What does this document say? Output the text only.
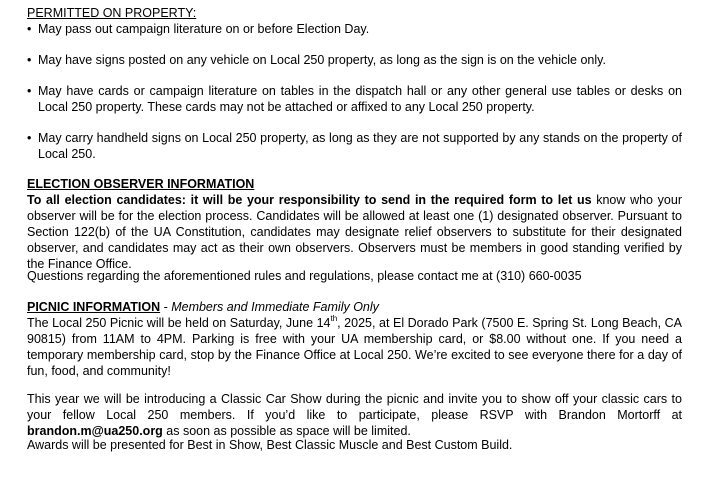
PERMITTED ON PROPERTY:
• May pass out campaign literature on or before Election Day.
• May have signs posted on any vehicle on Local 250 property, as long as the sign is on the vehicle only.
• May have cards or campaign literature on tables in the dispatch hall or any other general use tables or desks on Local 250 property. These cards may not be attached or affixed to any Local 250 property.
• May carry handheld signs on Local 250 property, as long as they are not supported by any stands on the property of Local 250.
ELECTION OBSERVER INFORMATION
To all election candidates: it will be your responsibility to send in the required form to let us know who your observer will be for the election process. Candidates will be allowed at least one (1) designated observer. Pursuant to Section 122(b) of the UA Constitution, candidates may designate relief observers to substitute for their designated observer, and candidates may act as their own observers. Observers must be members in good standing verified by the Finance Office.
Questions regarding the aforementioned rules and regulations, please contact me at (310) 660-0035
PICNIC INFORMATION - Members and Immediate Family Only
The Local 250 Picnic will be held on Saturday, June 14th, 2025, at El Dorado Park (7500 E. Spring St. Long Beach, CA 90815) from 11AM to 4PM. Parking is free with your UA membership card, or $8.00 without one. If you need a temporary membership card, stop by the Finance Office at Local 250. We’re excited to see everyone there for a day of fun, food, and community!
This year we will be introducing a Classic Car Show during the picnic and invite you to show off your classic cars to your fellow Local 250 members. If you’d like to participate, please RSVP with Brandon Mortorff at brandon.m@ua250.org as soon as possible as space will be limited.
Awards will be presented for Best in Show, Best Classic Muscle and Best Custom Build.
